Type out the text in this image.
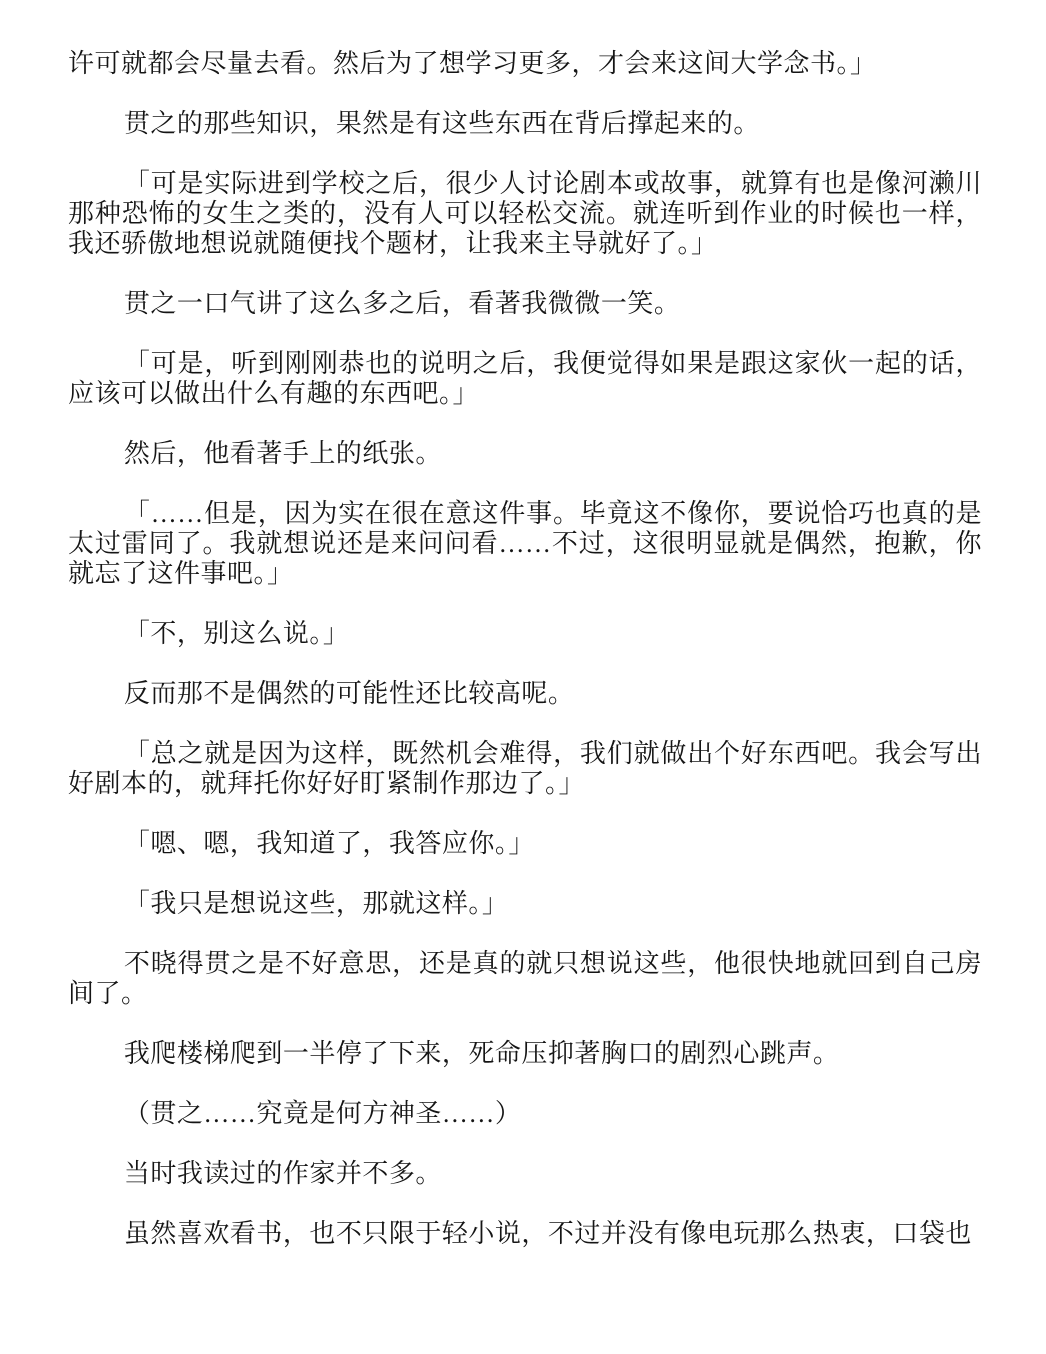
许可就都会尽量去看。然后为了想学习更多，才会来这间大学念书。」

贯之的那些知识，果然是有这些东西在背后撑起来的。

「可是实际进到学校之后，很少人讨论剧本或故事，就算有也是像河濑川那种恐怖的女生之类的，没有人可以轻松交流。就连听到作业的时候也一样，我还骄傲地想说就随便找个题材，让我来主导就好了。」

贯之一口气讲了这么多之后，看著我微微一笑。

「可是，听到刚刚恭也的说明之后，我便觉得如果是跟这家伙一起的话，应该可以做出什么有趣的东西吧。」

然后，他看著手上的纸张。

「……但是，因为实在很在意这件事。毕竟这不像你，要说恰巧也真的是太过雷同了。我就想说还是来问问看……不过，这很明显就是偶然，抱歉，你就忘了这件事吧。」

「不，别这么说。」

反而那不是偶然的可能性还比较高呢。

「总之就是因为这样，既然机会难得，我们就做出个好东西吧。我会写出好剧本的，就拜托你好好盯紧制作那边了。」

「嗯、嗯，我知道了，我答应你。」

「我只是想说这些，那就这样。」

不晓得贯之是不好意思，还是真的就只想说这些，他很快地就回到自己房间了。

我爬楼梯爬到一半停了下来，死命压抑著胸口的剧烈心跳声。

（贯之……究竟是何方神圣……）

当时我读过的作家并不多。

虽然喜欢看书，也不只限于轻小说，不过并没有像电玩那么热衷，口袋也
